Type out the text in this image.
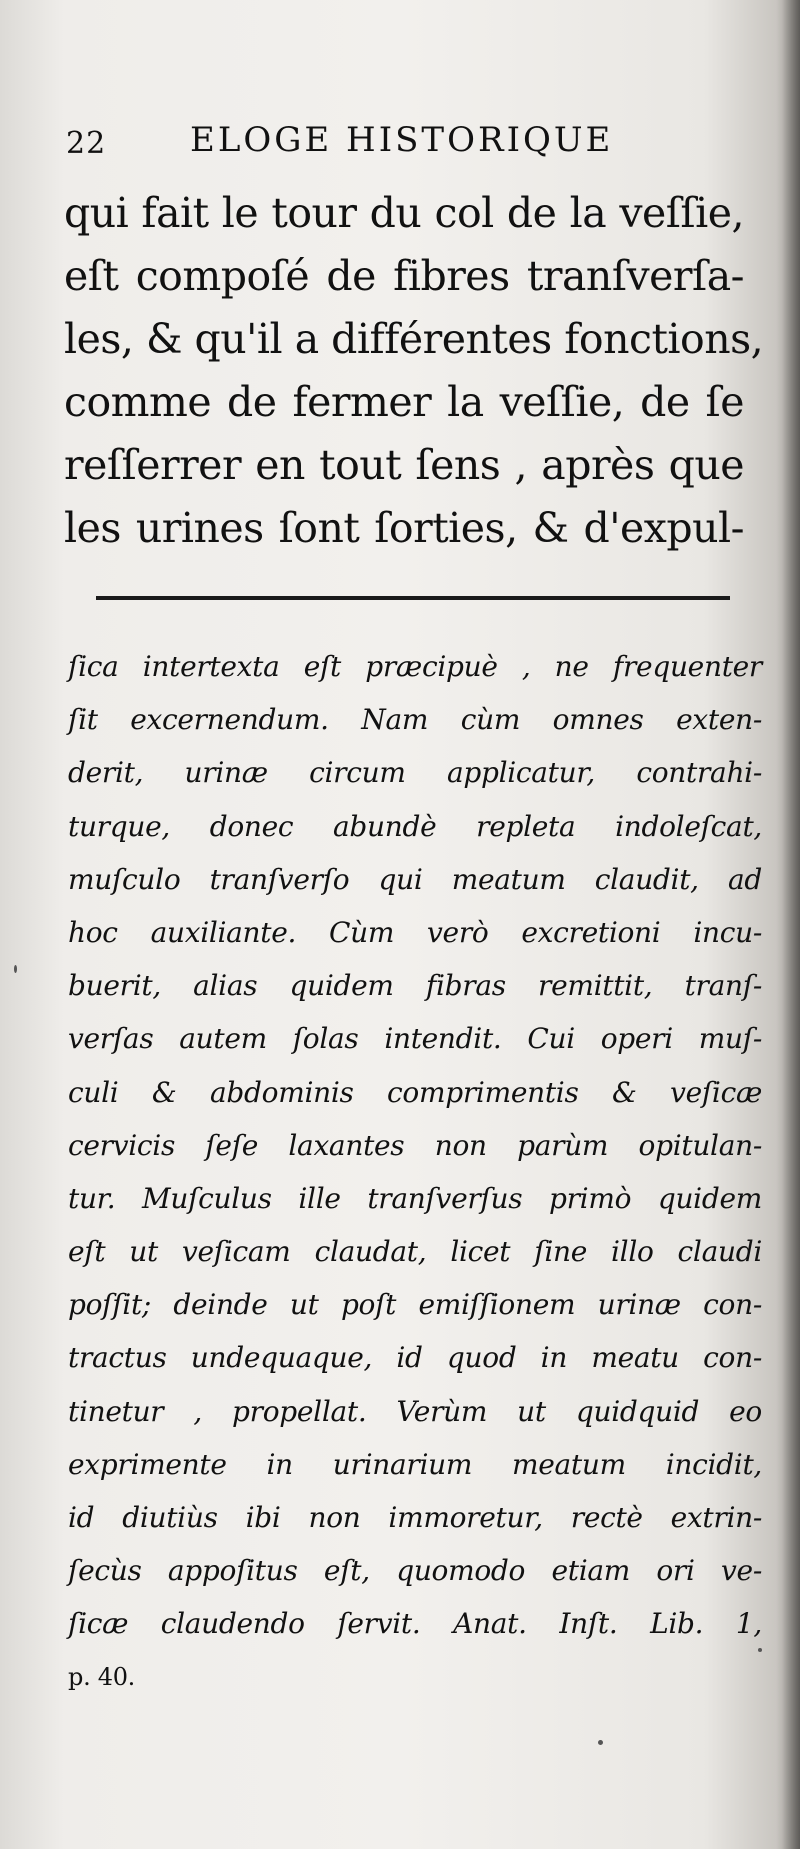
22 ELOGE HISTORIQUE
qui fait le tour du col de la veſſie,
eſt compoſé de fibres tranſverſa-
les, & qu'il a différentes fonctions,
comme de fermer la veſſie, de ſe
reſſerrer en tout ſens , après que
les urines ſont ſorties, & d'expul-
ſica intertexta eſt præcipuè , ne frequenter
ſit excernendum. Nam cùm omnes exten-
derit, urinæ circum applicatur, contrahi-
turque, donec abundè repleta indoleſcat,
muſculo tranſverſo qui meatum claudit, ad
hoc auxiliante. Cùm verò excretioni incu-
buerit, alias quidem fibras remittit, tranſ-
verſas autem ſolas intendit. Cui operi muſ-
culi & abdominis comprimentis & veſicæ
cervicis ſeſe laxantes non parùm opitulan-
tur. Muſculus ille tranſverſus primò quidem
eſt ut veſicam claudat, licet ſine illo claudi
poſſit; deinde ut poſt emiſſionem urinæ con-
tractus undequaque, id quod in meatu con-
tinetur , propellat. Verùm ut quidquid eo
exprimente in urinarium meatum incidit,
id diutiùs ibi non immoretur, rectè extrin-
ſecùs appoſitus eſt, quomodo etiam ori ve-
ſicæ claudendo ſervit. Anat. Inſt. Lib. 1,
p. 40.
